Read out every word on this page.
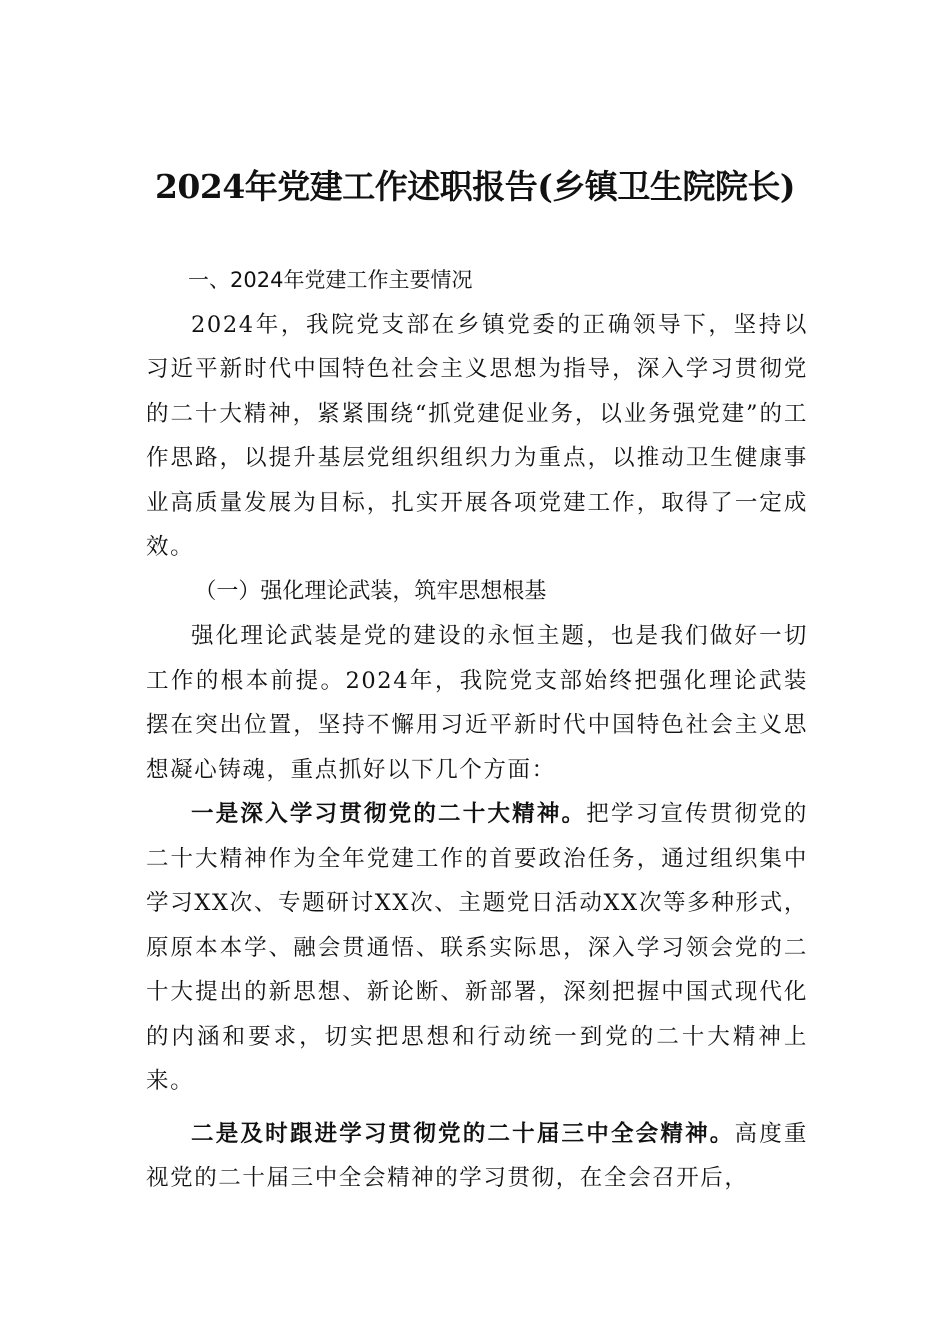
2024年党建工作述职报告(乡镇卫生院院长)

一、2024年党建工作主要情况

2024年，我院党支部在乡镇党委的正确领导下，坚持以习近平新时代中国特色社会主义思想为指导，深入学习贯彻党的二十大精神，紧紧围绕“抓党建促业务，以业务强党建”的工作思路，以提升基层党组织组织力为重点，以推动卫生健康事业高质量发展为目标，扎实开展各项党建工作，取得了一定成效。

（一）强化理论武装，筑牢思想根基

强化理论武装是党的建设的永恒主题，也是我们做好一切工作的根本前提。2024年，我院党支部始终把强化理论武装摆在突出位置，坚持不懈用习近平新时代中国特色社会主义思想凝心铸魂，重点抓好以下几个方面：

一是深入学习贯彻党的二十大精神。把学习宣传贯彻党的二十大精神作为全年党建工作的首要政治任务，通过组织集中学习XX次、专题研讨XX次、主题党日活动XX次等多种形式，原原本本学、融会贯通悟、联系实际思，深入学习领会党的二十大提出的新思想、新论断、新部署，深刻把握中国式现代化的内涵和要求，切实把思想和行动统一到党的二十大精神上来。

二是及时跟进学习贯彻党的二十届三中全会精神。高度重视党的二十届三中全会精神的学习贯彻，在全会召开后，
